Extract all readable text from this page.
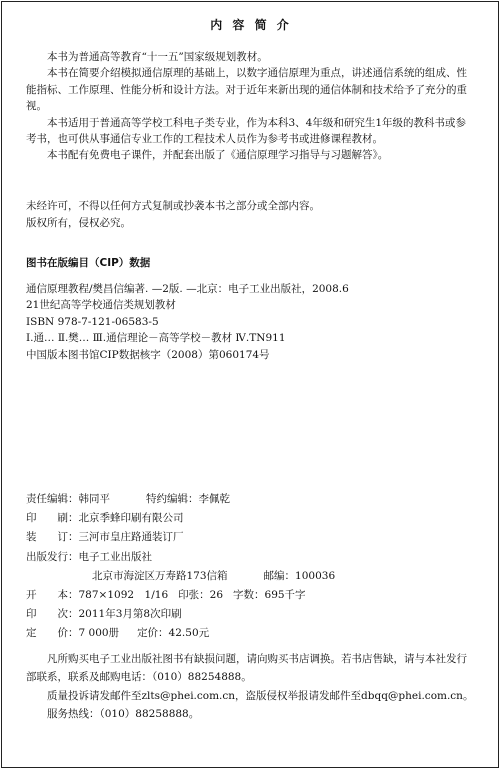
内 容 简 介

本书为普通高等教育“十一五”国家级规划教材。

本书在简要介绍模拟通信原理的基础上，以数字通信原理为重点，讲述通信系统的组成、性能指标、工作原理、性能分析和设计方法。对于近年来新出现的通信体制和技术给予了充分的重视。

本书适用于普通高等学校工科电子类专业，作为本科3、4年级和研究生1年级的教科书或参考书，也可供从事通信专业工作的工程技术人员作为参考书或进修课程教材。

本书配有免费电子课件，并配套出版了《通信原理学习指导与习题解答》。

未经许可，不得以任何方式复制或抄袭本书之部分或全部内容。
版权所有，侵权必究。
图书在版编目（CIP）数据
通信原理教程/樊昌信编著. —2版. —北京：电子工业出版社，2008.6
21世纪高等学校通信类规划教材
ISBN 978-7-121-06583-5
Ⅰ.通… Ⅱ.樊… Ⅲ.通信理论－高等学校－教材 Ⅳ.TN911
中国版本图书馆CIP数据核字（2008）第060174号
责任编辑： 韩同平	特约编辑： 李佩乾
印　　刷： 北京季蜂印刷有限公司
装　　订： 三河市皇庄路通装订厂
出版发行： 电子工业出版社
北京市海淀区万寿路173信箱	邮编：100036
开　　本： 787×1092　1/16 印张：26 字数：695千字
印　　次： 2011年3月第8次印刷
定　　价： 7 000册 定价：42.50元

凡所购买电子工业出版社图书有缺损问题，请向购买书店调换。若书店售缺，请与本社发行部联系，联系及邮购电话：（010）88254888。

质量投诉请发邮件至zlts@phei.com.cn，盗版侵权举报请发邮件至dbqq@phei.com.cn。

服务热线：（010）88258888。
